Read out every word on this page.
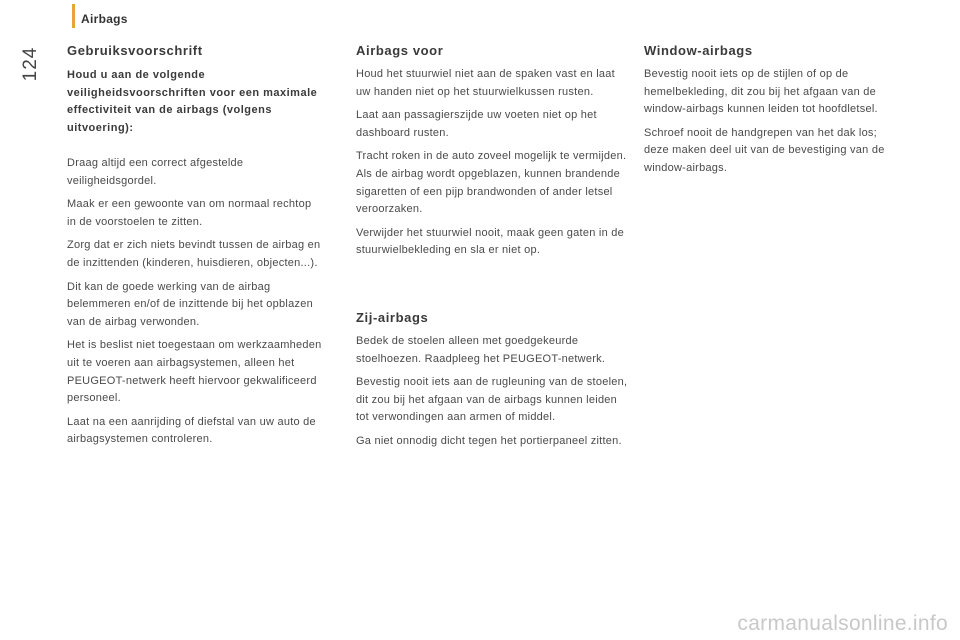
124
Airbags
Gebruiksvoorschrift

Houd u aan de volgende veiligheidsvoorschriften voor een maximale effectiviteit van de airbags (volgens uitvoering):

Draag altijd een correct afgestelde veiligheidsgordel.

Maak er een gewoonte van om normaal rechtop in de voorstoelen te zitten.

Zorg dat er zich niets bevindt tussen de airbag en de inzittenden (kinderen, huisdieren, objecten...).

Dit kan de goede werking van de airbag belemmeren en/of de inzittende bij het opblazen van de airbag verwonden.

Het is beslist niet toegestaan om werkzaamheden uit te voeren aan airbagsystemen, alleen het PEUGEOT-netwerk heeft hiervoor gekwalificeerd personeel.

Laat na een aanrijding of diefstal van uw auto de airbagsystemen controleren.

Airbags voor

Houd het stuurwiel niet aan de spaken vast en laat uw handen niet op het stuurwielkussen rusten.

Laat aan passagierszijde uw voeten niet op het dashboard rusten.

Tracht roken in de auto zoveel mogelijk te vermijden. Als de airbag wordt opgeblazen, kunnen brandende sigaretten of een pijp brandwonden of ander letsel veroorzaken.

Verwijder het stuurwiel nooit, maak geen gaten in de stuurwielbekleding en sla er niet op.

Zij-airbags

Bedek de stoelen alleen met goedgekeurde stoelhoezen. Raadpleeg het PEUGEOT-netwerk.

Bevestig nooit iets aan de rugleuning van de stoelen, dit zou bij het afgaan van de airbags kunnen leiden tot verwondingen aan armen of middel.

Ga niet onnodig dicht tegen het portierpaneel zitten.

Window-airbags

Bevestig nooit iets op de stijlen of op de hemelbekleding, dit zou bij het afgaan van de window-airbags kunnen leiden tot hoofdletsel.

Schroef nooit de handgrepen van het dak los; deze maken deel uit van de bevestiging van de window-airbags.

carmanualsonline.info
